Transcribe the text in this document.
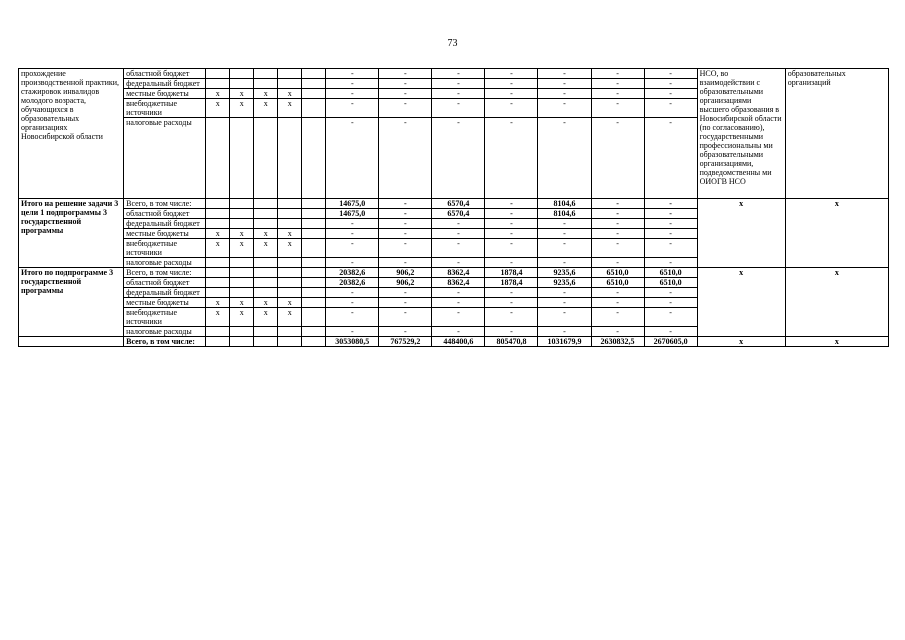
73
прохождение производственной практики, стажировок инвалидов молодого возраста, обучающихся в образовательных организациях Новосибирской области	областной бюджет						-	-	-	-	-	-	-	НСО, во взаимодействии с образовательными организациями высшего образования в Новосибирской области (по согласованию), государственными профессиональны ми образовательными организациями, подведомственны ми ОИОГВ НСО	образовательных организаций
	федеральный бюджет						-	-	-	-	-	-	-		
	местные бюджеты	x	x	x	x		-	-	-	-	-	-	-		
	внебюджетные источники	x	x	x	x		-	-	-	-	-	-	-		
	налоговые расходы						-	-	-	-	-	-	-		
Итого на решение задачи 3 цели 1 подпрограммы 3 государственной программы	Всего, в том числе:						14675,0	-	6570,4	-	8104,6	-	-	x	x
	областной бюджет						14675,0	-	6570,4	-	8104,6	-	-		
	федеральный бюджет						-	-	-	-	-	-	-		
	местные бюджеты	x	x	x	x		-	-	-	-	-	-	-		
	внебюджетные источники	x	x	x	x		-	-	-	-	-	-	-		
	налоговые расходы						-	-	-	-	-	-	-		
Итого по подпрограмме 3 государственной программы	Всего, в том числе:						20382,6	906,2	8362,4	1878,4	9235,6	6510,0	6510,0	x	x
	областной бюджет						20382,6	906,2	8362,4	1878,4	9235,6	6510,0	6510,0		
	федеральный бюджет						-	-	-	-	-	-	-		
	местные бюджеты	x	x	x	x		-	-	-	-	-	-	-		
	внебюджетные источники	x	x	x	x		-	-	-	-	-	-	-		
	налоговые расходы						-	-	-	-	-	-	-		
	Всего, в том числе:						3053080,5	767529,2	448400,6	805470,8	1031679,9	2630832,5	2670605,0	x	x
